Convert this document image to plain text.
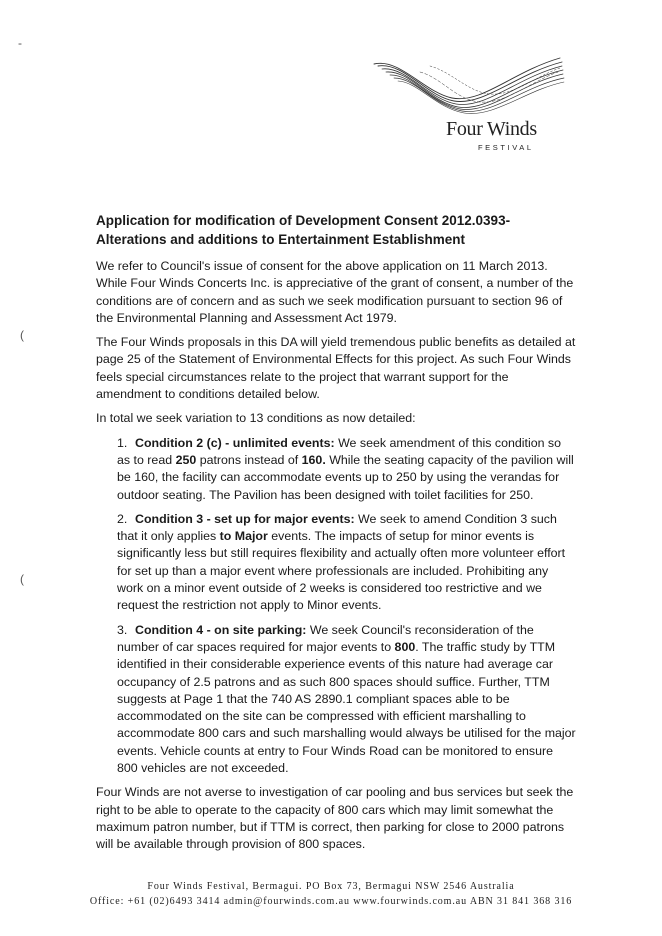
Four Winds
FESTIVAL
-
(
(
Application for modification of Development Consent 2012.0393-
Alterations and additions to Entertainment Establishment

We refer to Council's issue of consent for the above application on 11 March 2013. While Four Winds Concerts Inc. is appreciative of the grant of consent, a number of the conditions are of concern and as such we seek modification pursuant to section 96 of the Environmental Planning and Assessment Act 1979.

The Four Winds proposals in this DA will yield tremendous public benefits as detailed at page 25 of the Statement of Environmental Effects for this project. As such Four Winds feels special circumstances relate to the project that warrant support for the amendment to conditions detailed below.

In total we seek variation to 13 conditions as now detailed:

1. Condition 2 (c) - unlimited events: We seek amendment of this condition so as to read 250 patrons instead of 160. While the seating capacity of the pavilion will be 160, the facility can accommodate events up to 250 by using the verandas for outdoor seating. The Pavilion has been designed with toilet facilities for 250.

2. Condition 3 - set up for major events: We seek to amend Condition 3 such that it only applies to Major events. The impacts of setup for minor events is significantly less but still requires flexibility and actually often more volunteer effort for set up than a major event where professionals are included. Prohibiting any work on a minor event outside of 2 weeks is considered too restrictive and we request the restriction not apply to Minor events.

3. Condition 4 - on site parking: We seek Council's reconsideration of the number of car spaces required for major events to 800. The traffic study by TTM identified in their considerable experience events of this nature had average car occupancy of 2.5 patrons and as such 800 spaces should suffice. Further, TTM suggests at Page 1 that the 740 AS 2890.1 compliant spaces able to be accommodated on the site can be compressed with efficient marshalling to accommodate 800 cars and such marshalling would always be utilised for the major events. Vehicle counts at entry to Four Winds Road can be monitored to ensure 800 vehicles are not exceeded.

Four Winds are not averse to investigation of car pooling and bus services but seek the right to be able to operate to the capacity of 800 cars which may limit somewhat the maximum patron number, but if TTM is correct, then parking for close to 2000 patrons will be available through provision of 800 spaces.

Four Winds Festival, Bermagui. PO Box 73, Bermagui NSW 2546 Australia
Office: +61 (02)6493 3414 admin@fourwinds.com.au www.fourwinds.com.au ABN 31 841 368 316
